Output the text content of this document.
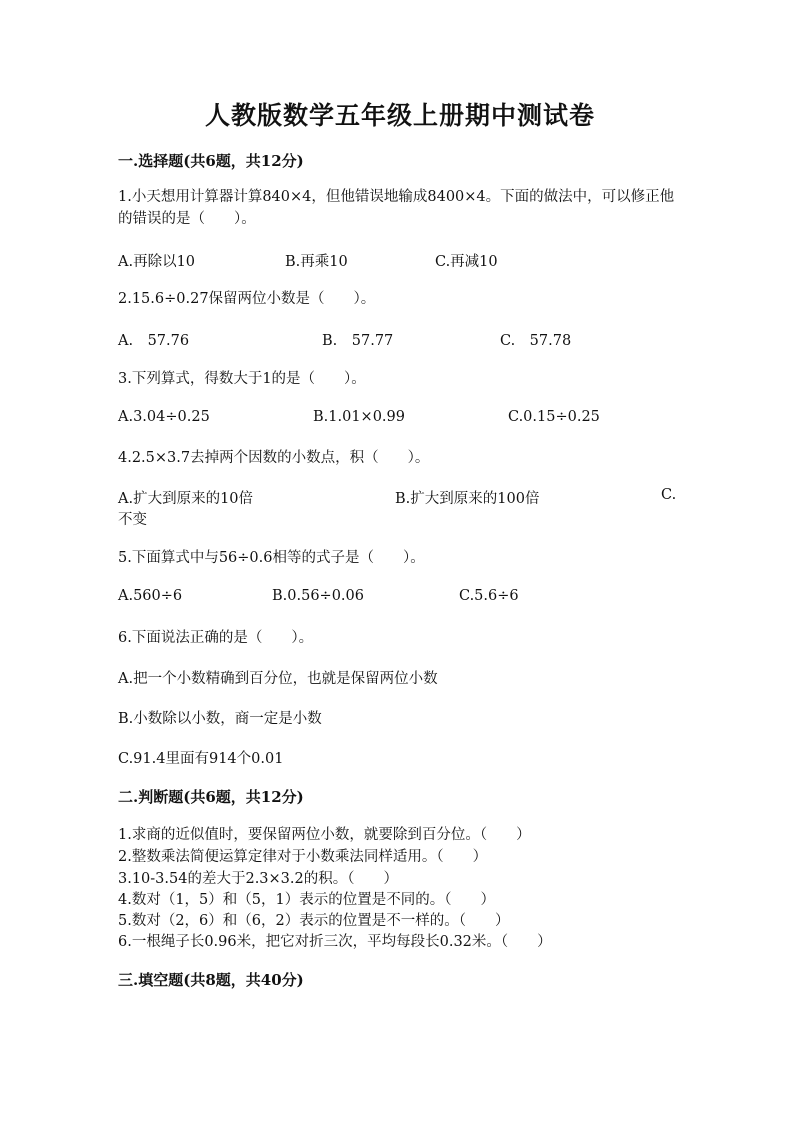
人教版数学五年级上册期中测试卷
一.选择题(共6题，共12分)
1.小天想用计算器计算840×4，但他错误地输成8400×4。下面的做法中，可以修正他的错误的是（　　）。
A.再除以10	B.再乘10	C.再减10
2.15.6÷0.27保留两位小数是（　　）。
A.　57.76	B.　57.77	C.　57.78
3.下列算式，得数大于1的是（　　）。
A.3.04÷0.25	B.1.01×0.99	C.0.15÷0.25
4.2.5×3.7去掉两个因数的小数点，积（　　）。
A.扩大到原来的10倍	B.扩大到原来的100倍	C.
不变
5.下面算式中与56÷0.6相等的式子是（　　）。
A.560÷6	B.0.56÷0.06	C.5.6÷6
6.下面说法正确的是（　　）。
A.把一个小数精确到百分位，也就是保留两位小数
B.小数除以小数，商一定是小数
C.91.4里面有914个0.01
二.判断题(共6题，共12分)
1.求商的近似值时，要保留两位小数，就要除到百分位。（　　）
2.整数乘法简便运算定律对于小数乘法同样适用。（　　）
3.10-3.54的差大于2.3×3.2的积。（　　）
4.数对（1，5）和（5，1）表示的位置是不同的。（　　）
5.数对（2，6）和（6，2）表示的位置是不一样的。（　　）
6.一根绳子长0.96米，把它对折三次，平均每段长0.32米。（　　）
三.填空题(共8题，共40分)
